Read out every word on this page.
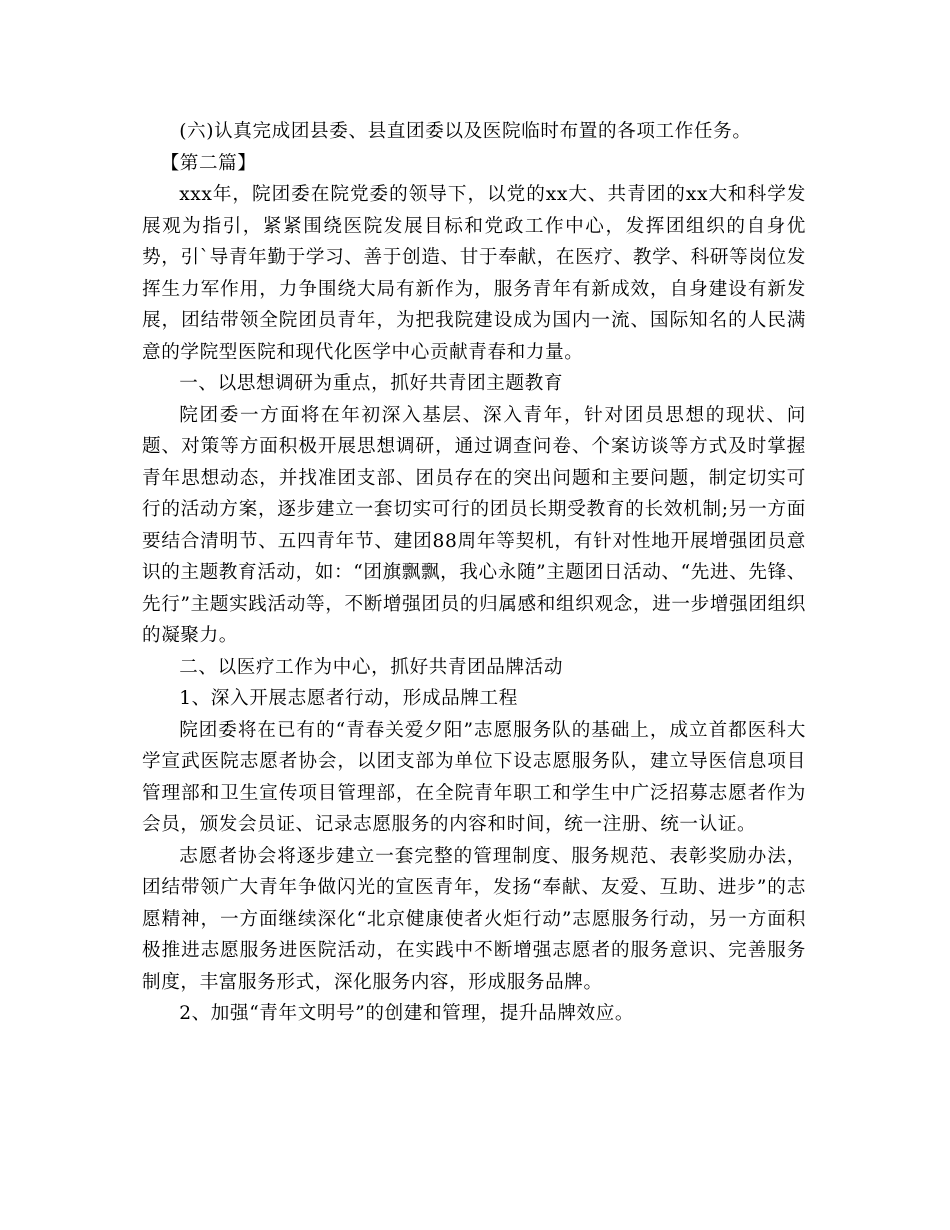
(六)认真完成团县委、县直团委以及医院临时布置的各项工作任务。

【第二篇】

xxx年，院团委在院党委的领导下，以党的xx大、共青团的xx大和科学发展观为指引，紧紧围绕医院发展目标和党政工作中心，发挥团组织的自身优势，引`导青年勤于学习、善于创造、甘于奉献，在医疗、教学、科研等岗位发挥生力军作用，力争围绕大局有新作为，服务青年有新成效，自身建设有新发展，团结带领全院团员青年，为把我院建设成为国内一流、国际知名的人民满意的学院型医院和现代化医学中心贡献青春和力量。

一、以思想调研为重点，抓好共青团主题教育

院团委一方面将在年初深入基层、深入青年，针对团员思想的现状、问题、对策等方面积极开展思想调研，通过调查问卷、个案访谈等方式及时掌握青年思想动态，并找准团支部、团员存在的突出问题和主要问题，制定切实可行的活动方案，逐步建立一套切实可行的团员长期受教育的长效机制;另一方面要结合清明节、五四青年节、建团88周年等契机，有针对性地开展增强团员意识的主题教育活动，如：“团旗飘飘，我心永随”主题团日活动、“先进、先锋、先行”主题实践活动等，不断增强团员的归属感和组织观念，进一步增强团组织的凝聚力。

二、以医疗工作为中心，抓好共青团品牌活动

1、深入开展志愿者行动，形成品牌工程

院团委将在已有的“青春关爱夕阳”志愿服务队的基础上，成立首都医科大学宣武医院志愿者协会，以团支部为单位下设志愿服务队，建立导医信息项目管理部和卫生宣传项目管理部，在全院青年职工和学生中广泛招募志愿者作为会员，颁发会员证、记录志愿服务的内容和时间，统一注册、统一认证。

志愿者协会将逐步建立一套完整的管理制度、服务规范、表彰奖励办法，团结带领广大青年争做闪光的宣医青年，发扬“奉献、友爱、互助、进步”的志愿精神，一方面继续深化“北京健康使者火炬行动”志愿服务行动，另一方面积极推进志愿服务进医院活动，在实践中不断增强志愿者的服务意识、完善服务制度，丰富服务形式，深化服务内容，形成服务品牌。

2、加强“青年文明号”的创建和管理，提升品牌效应。
